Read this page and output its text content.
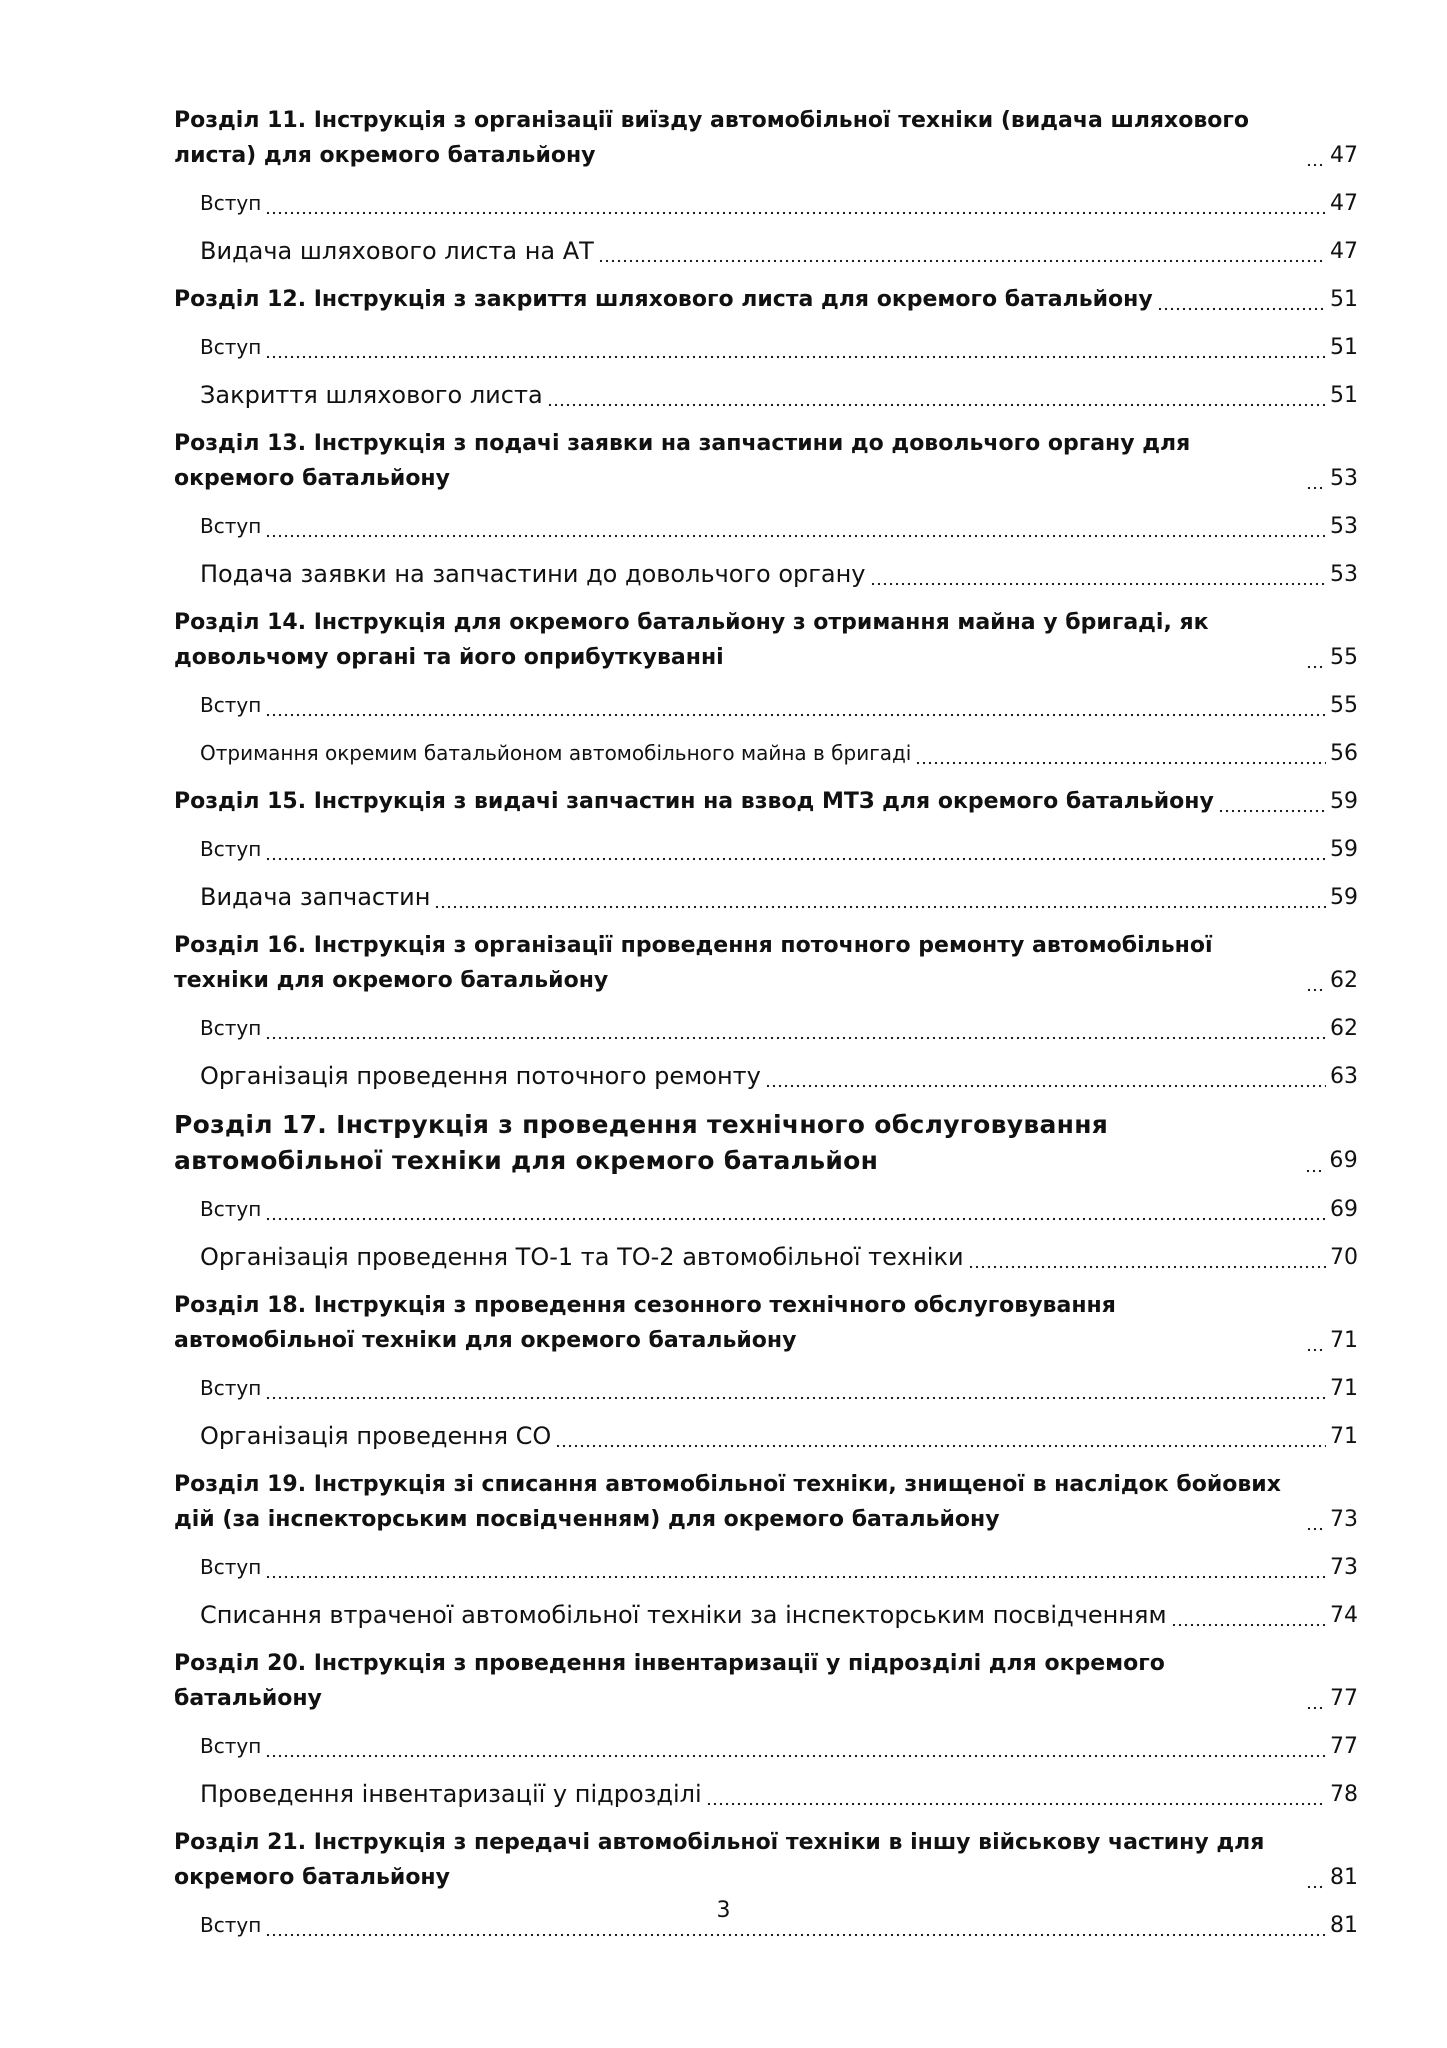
Розділ 11. Інструкція з організації виїзду автомобільної техніки (видача шляхового листа) для окремого батальйону	47
Вступ	47
Видача шляхового листа на АТ	47
Розділ 12. Інструкція з закриття шляхового листа для окремого батальйону	51
Вступ	51
Закриття шляхового листа	51
Розділ 13. Інструкція з подачі заявки на запчастини до довольчого органу для окремого батальйону	53
Вступ	53
Подача заявки на запчастини до довольчого органу	53
Розділ 14. Інструкція для окремого батальйону з отримання майна у бригаді, як довольчому органі та його оприбуткуванні	55
Вступ	55
Отримання окремим батальйоном автомобільного майна в бригаді	56
Розділ 15. Інструкція з видачі запчастин на взвод МТЗ для окремого батальйону	59
Вступ	59
Видача запчастин	59
Розділ 16. Інструкція з організації проведення поточного ремонту автомобільної техніки для окремого батальйону	62
Вступ	62
Організація проведення поточного ремонту	63
Розділ 17. Інструкція з проведення технічного обслуговування автомобільної техніки для окремого батальйон	69
Вступ	69
Організація проведення ТО-1 та ТО-2 автомобільної техніки	70
Розділ 18. Інструкція з проведення сезонного технічного обслуговування автомобільної техніки для окремого батальйону	71
Вступ	71
Організація проведення СО	71
Розділ 19. Інструкція зі списання автомобільної техніки, знищеної в наслідок бойових дій (за інспекторським посвідченням) для окремого батальйону	73
Вступ	73
Списання втраченої автомобільної техніки за інспекторським посвідченням	74
Розділ 20. Інструкція з проведення інвентаризації у підрозділі для окремого батальйону	77
Вступ	77
Проведення інвентаризації у підрозділі	78
Розділ 21. Інструкція з передачі автомобільної техніки в іншу військову частину для окремого батальйону	81
Вступ	81
3
